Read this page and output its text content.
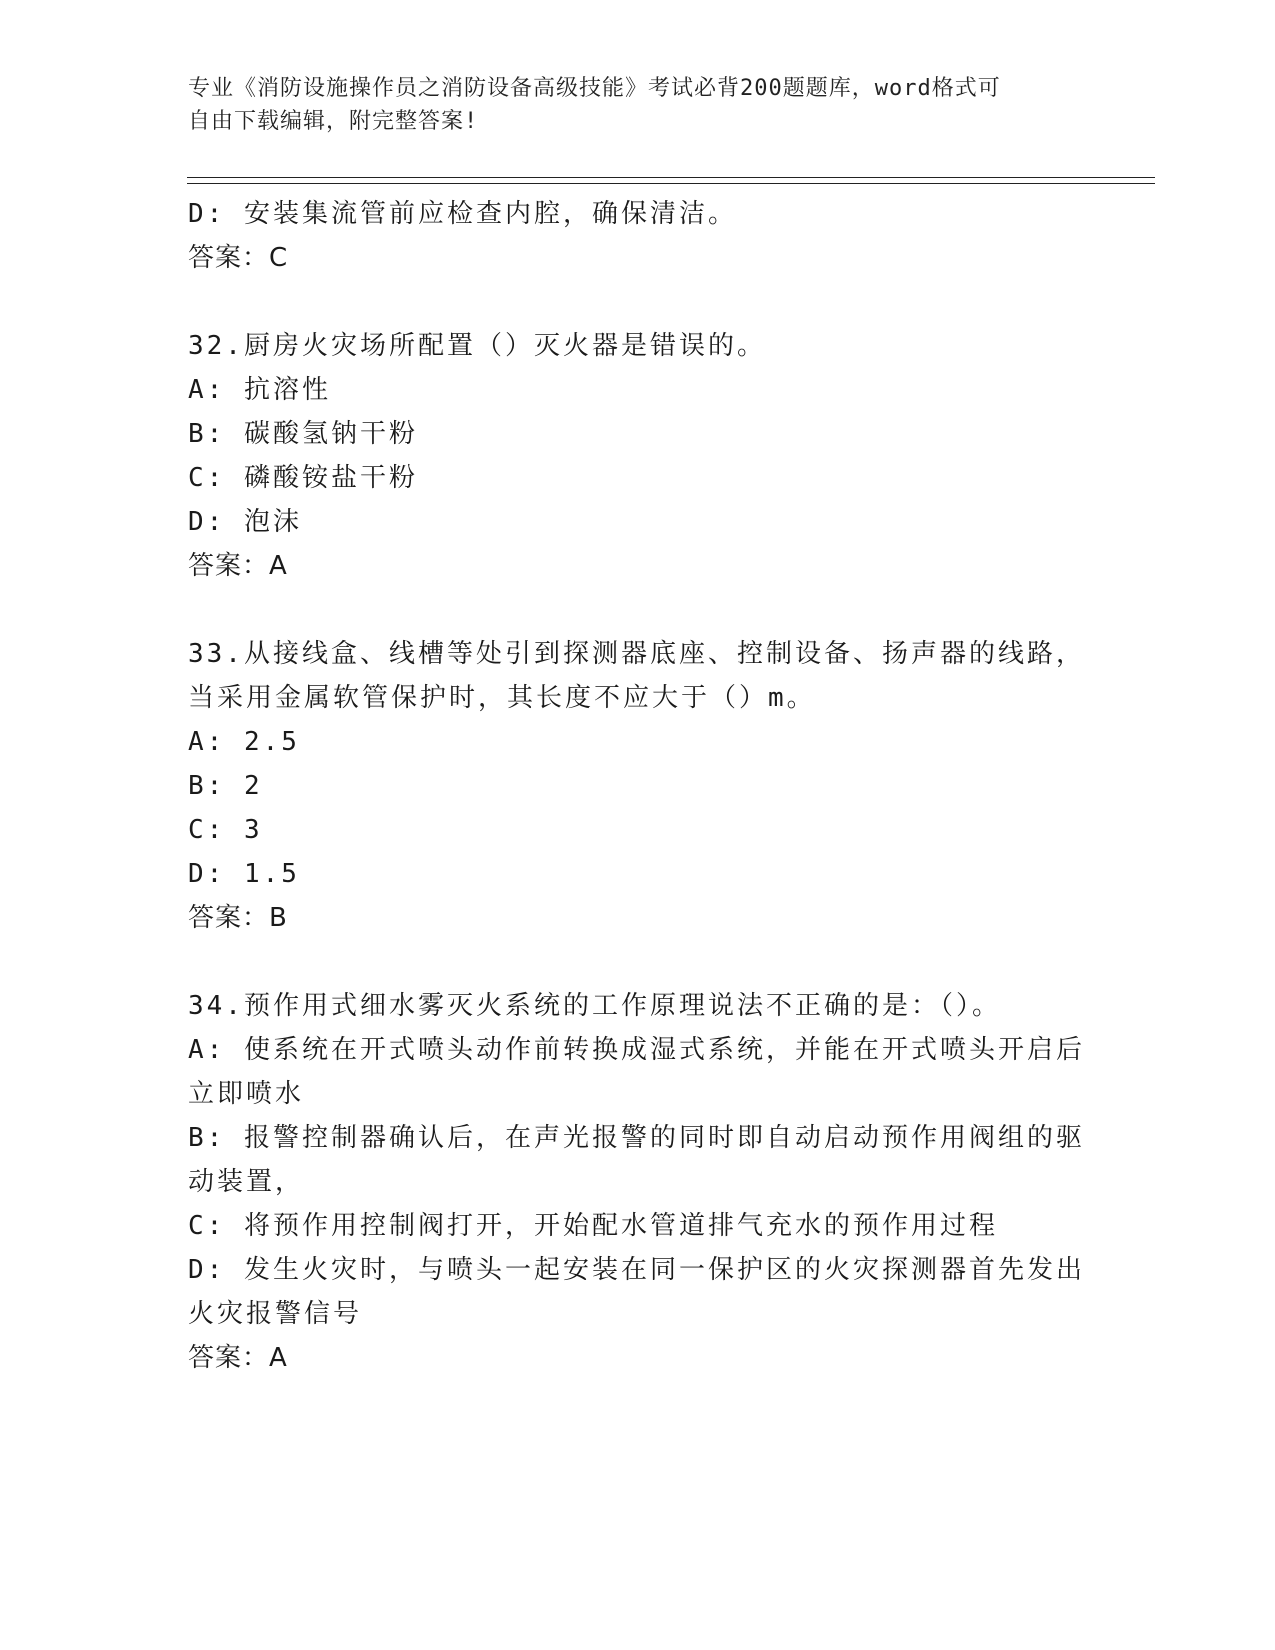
专业《消防设施操作员之消防设备高级技能》考试必背200题题库，word格式可
自由下载编辑，附完整答案!
D: 安装集流管前应检查内腔，确保清洁。
答案：C
32.厨房火灾场所配置（）灭火器是错误的。
A: 抗溶性
B: 碳酸氢钠干粉
C: 磷酸铵盐干粉
D: 泡沫
答案：A
33.从接线盒、线槽等处引到探测器底座、控制设备、扬声器的线路，
当采用金属软管保护时，其长度不应大于（）m。
A: 2.5
B: 2
C: 3
D: 1.5
答案：B
34.预作用式细水雾灭火系统的工作原理说法不正确的是：（）。
A: 使系统在开式喷头动作前转换成湿式系统，并能在开式喷头开启后
立即喷水
B: 报警控制器确认后，在声光报警的同时即自动启动预作用阀组的驱
动装置，
C: 将预作用控制阀打开，开始配水管道排气充水的预作用过程
D: 发生火灾时，与喷头一起安装在同一保护区的火灾探测器首先发出
火灾报警信号
答案：A
